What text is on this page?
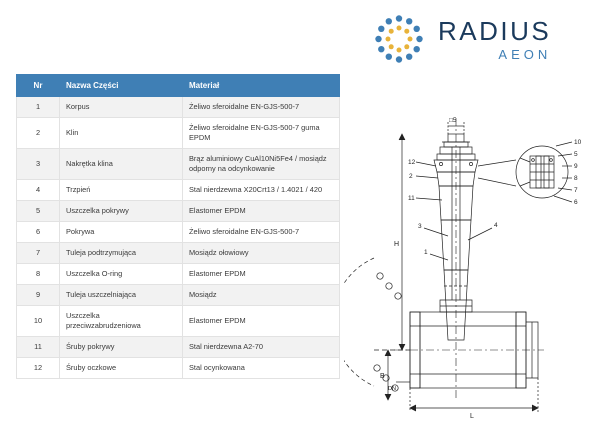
RADIUS
AEON
Nr	Nazwa Części	Materiał
1	Korpus	Żeliwo sferoidalne EN-GJS-500-7
2	Klin	Żeliwo sferoidalne EN-GJS-500-7 guma EPDM
3	Nakrętka klina	Brąz aluminiowy CuAl10Ni5Fe4 / mosiądz odporny na odcynkowanie
4	Trzpień	Stal nierdzewna X20Crt13 / 1.4021 / 420
5	Uszczelka pokrywy	Elastomer EPDM
6	Pokrywa	Żeliwo sferoidalne EN-GJS-500-7
7	Tuleja podtrzymująca	Mosiądz ołowiowy
8	Uszczelka O-ring	Elastomer EPDM
9	Tuleja uszczelniająca	Mosiądz
10	Uszczelka przeciwzabrudzeniowa	Elastomer EPDM
11	Śruby pokrywy	Stal nierdzewna A2-70
12	Śruby oczkowe	Stal ocynkowana
□5
10
5
9
8
7
6
4
12
2
11
3
1
H
B
L
DN
